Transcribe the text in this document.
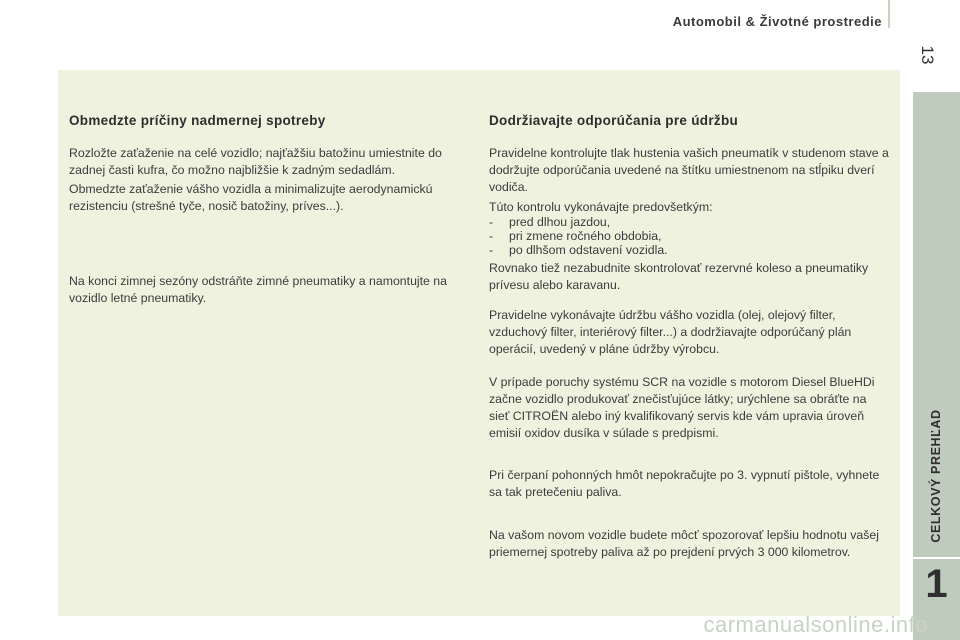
Automobil & Životné prostredie
13
Obmedzte príčiny nadmernej spotreby

Rozložte zaťaženie na celé vozidlo; najťažšiu batožinu umiestnite do zadnej časti kufra, čo možno najbližšie k zadným sedadlám.

Obmedzte zaťaženie vášho vozidla a minimalizujte aerodynamickú rezistenciu (strešné tyče, nosič batožiny, príves...).

Na konci zimnej sezóny odstráňte zimné pneumatiky a namontujte na vozidlo letné pneumatiky.

Dodržiavajte odporúčania pre údržbu

Pravidelne kontrolujte tlak hustenia vašich pneumatík v studenom stave a dodržujte odporúčania uvedené na štítku umiestnenom na stĺpiku dverí vodiča.

Túto kontrolu vykonávajte predovšetkým:

- pred dlhou jazdou,
- pri zmene ročného obdobia,
- po dlhšom odstavení vozidla.

Rovnako tiež nezabudnite skontrolovať rezervné koleso a pneumatiky prívesu alebo karavanu.

Pravidelne vykonávajte údržbu vášho vozidla (olej, olejový filter, vzduchový filter, interiérový filter...) a dodržiavajte odporúčaný plán operácií, uvedený v pláne údržby výrobcu.

V prípade poruchy systému SCR na vozidle s motorom Diesel BlueHDi začne vozidlo produkovať znečisťujúce látky; urýchlene sa obráťte na sieť CITROËN alebo iný kvalifikovaný servis kde vám upravia úroveň emisií oxidov dusíka v súlade s predpismi.

Pri čerpaní pohonných hmôt nepokračujte po 3. vypnutí pištole, vyhnete sa tak pretečeniu paliva.

Na vašom novom vozidle budete môcť spozorovať lepšiu hodnotu vašej priemernej spotreby paliva až po prejdení prvých 3 000 kilometrov.

CELKOVÝ PREHĽAD
1
carmanualsonline.info
